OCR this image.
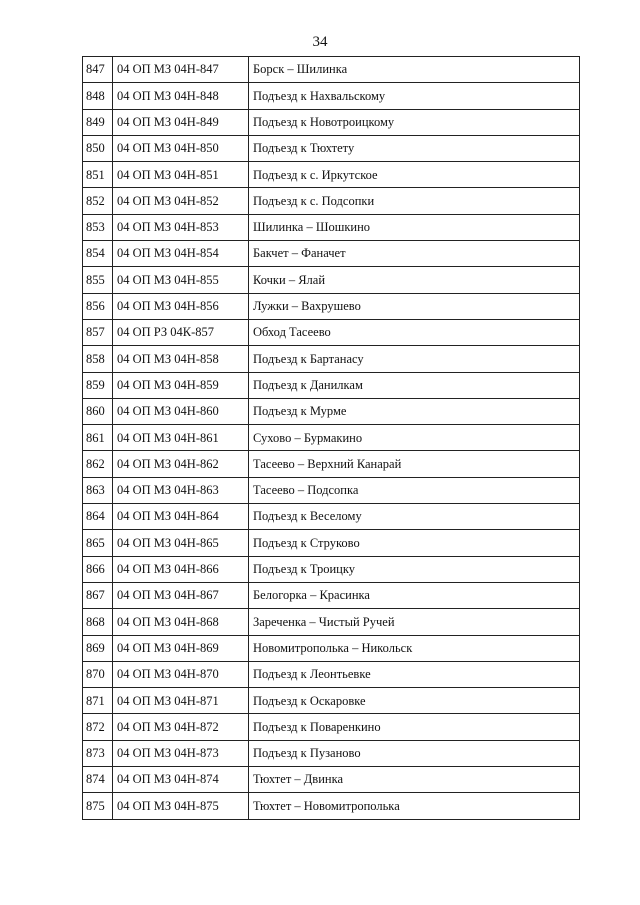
34
847	04 ОП МЗ 04Н-847	Борск – Шилинка
848	04 ОП МЗ 04Н-848	Подъезд к Нахвальскому
849	04 ОП МЗ 04Н-849	Подъезд к Новотроицкому
850	04 ОП МЗ 04Н-850	Подъезд к Тюхтету
851	04 ОП МЗ 04Н-851	Подъезд к с. Иркутское
852	04 ОП МЗ 04Н-852	Подъезд к с. Подсопки
853	04 ОП МЗ 04Н-853	Шилинка – Шошкино
854	04 ОП МЗ 04Н-854	Бакчет – Фаначет
855	04 ОП МЗ 04Н-855	Кочки – Ялай
856	04 ОП МЗ 04Н-856	Лужки – Вахрушево
857	04 ОП РЗ 04К-857	Обход Тасеево
858	04 ОП МЗ 04Н-858	Подъезд к Бартанасу
859	04 ОП МЗ 04Н-859	Подъезд к Данилкам
860	04 ОП МЗ 04Н-860	Подъезд к Мурме
861	04 ОП МЗ 04Н-861	Сухово – Бурмакино
862	04 ОП МЗ 04Н-862	Тасеево – Верхний Канарай
863	04 ОП МЗ 04Н-863	Тасеево – Подсопка
864	04 ОП МЗ 04Н-864	Подъезд к Веселому
865	04 ОП МЗ 04Н-865	Подъезд к Струково
866	04 ОП МЗ 04Н-866	Подъезд к Троицку
867	04 ОП МЗ 04Н-867	Белогорка – Красинка
868	04 ОП МЗ 04Н-868	Зареченка – Чистый Ручей
869	04 ОП МЗ 04Н-869	Новомитрополька – Никольск
870	04 ОП МЗ 04Н-870	Подъезд к Леонтьевке
871	04 ОП МЗ 04Н-871	Подъезд к Оскаровке
872	04 ОП МЗ 04Н-872	Подъезд к Поваренкино
873	04 ОП МЗ 04Н-873	Подъезд к Пузаново
874	04 ОП МЗ 04Н-874	Тюхтет – Двинка
875	04 ОП МЗ 04Н-875	Тюхтет – Новомитрополька
